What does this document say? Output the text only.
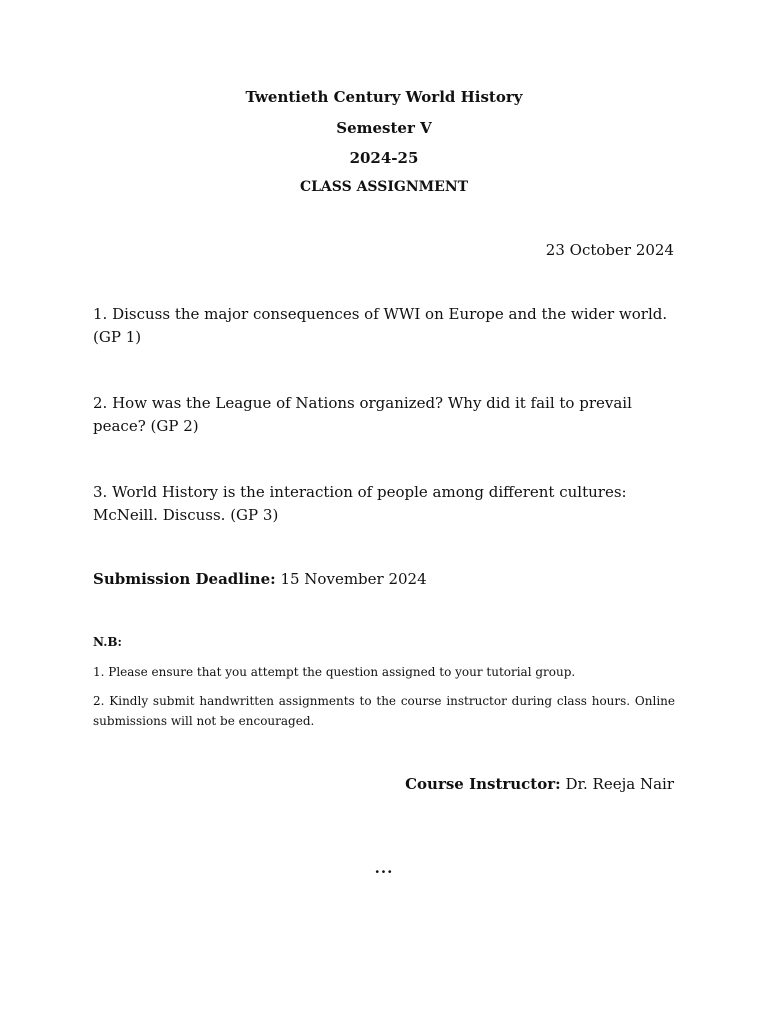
Twentieth Century World History
Semester V
2024-25
CLASS ASSIGNMENT
23 October 2024
1. Discuss the major consequences of WWI on Europe and the wider world. (GP 1)
2. How was the League of Nations organized? Why did it fail to prevail peace? (GP 2)
3. World History is the interaction of people among different cultures: McNeill. Discuss. (GP 3)
Submission Deadline: 15 November 2024
N.B:
1. Please ensure that you attempt the question assigned to your tutorial group.
2. Kindly submit handwritten assignments to the course instructor during class hours. Online submissions will not be encouraged.
Course Instructor: Dr. Reeja Nair
...
